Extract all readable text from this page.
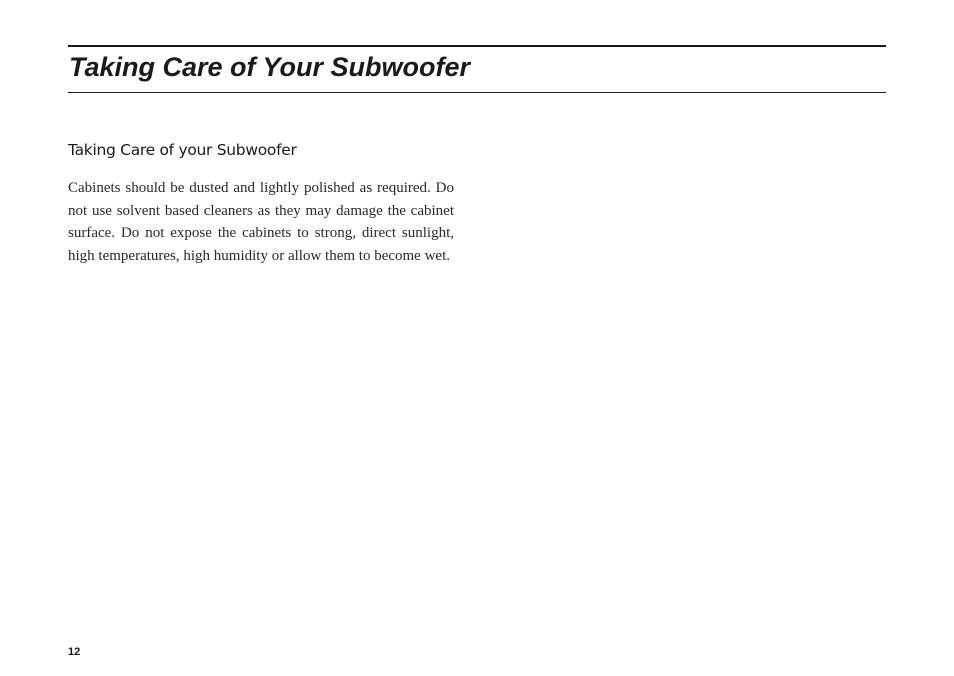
Taking Care of Your Subwoofer
Taking Care of your Subwoofer

Cabinets should be dusted and lightly polished as required. Do not use solvent based cleaners as they may damage the cabinet surface. Do not expose the cabinets to strong, direct sunlight, high temperatures, high humidity or allow them to become wet.

12
